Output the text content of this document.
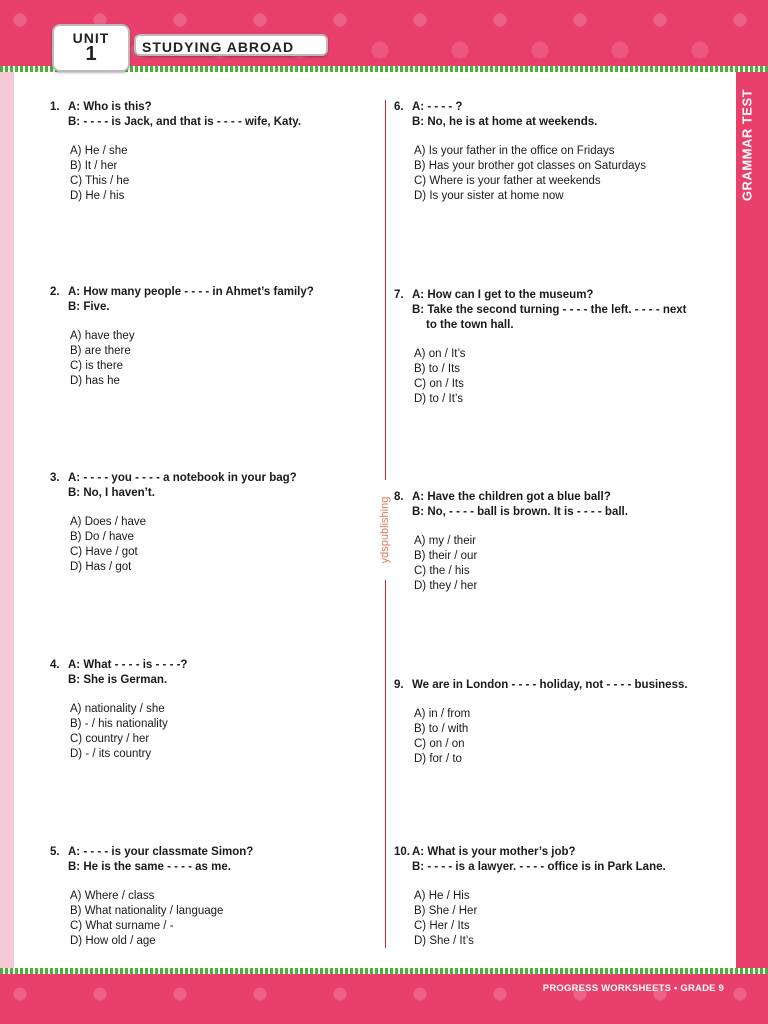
UNIT
1	STUDYING ABROAD
GRAMMAR TEST
ydspublishing
1. A: Who is this?
B: - - - - is Jack, and that is - - - - wife, Katy.
A) He / she
B) It / her
C) This / he
D) He / his
2. A: How many people - - - - in Ahmet’s family?
B: Five.
A) have they
B) are there
C) is there
D) has he
3. A: - - - - you - - - - a notebook in your bag?
B: No, I haven’t.
A) Does / have
B) Do / have
C) Have / got
D) Has / got
4. A: What - - - - is - - - -?
B: She is German.
A) nationality / she
B) - / his nationality
C) country / her
D) - / its country
5. A: - - - - is your classmate Simon?
B: He is the same - - - - as me.
A) Where / class
B) What nationality / language
C) What surname / -
D) How old / age
6. A: - - - - ?
B: No, he is at home at weekends.
A) Is your father in the office on Fridays
B) Has your brother got classes on Saturdays
C) Where is your father at weekends
D) Is your sister at home now
7. A: How can I get to the museum?
B: Take the second turning - - - - the left. - - - - next
to the town hall.
A) on / It’s
B) to / Its
C) on / Its
D) to / It’s
8. A: Have the children got a blue ball?
B: No, - - - - ball is brown. It is - - - - ball.
A) my / their
B) their / our
C) the / his
D) they / her
9. We are in London - - - - holiday, not - - - - business.
A) in / from
B) to / with
C) on / on
D) for / to
10. A: What is your mother’s job?
B: - - - - is a lawyer. - - - - office is in Park Lane.
A) He / His
B) She / Her
C) Her / Its
D) She / It’s
PROGRESS WORKSHEETS • GRADE 9
